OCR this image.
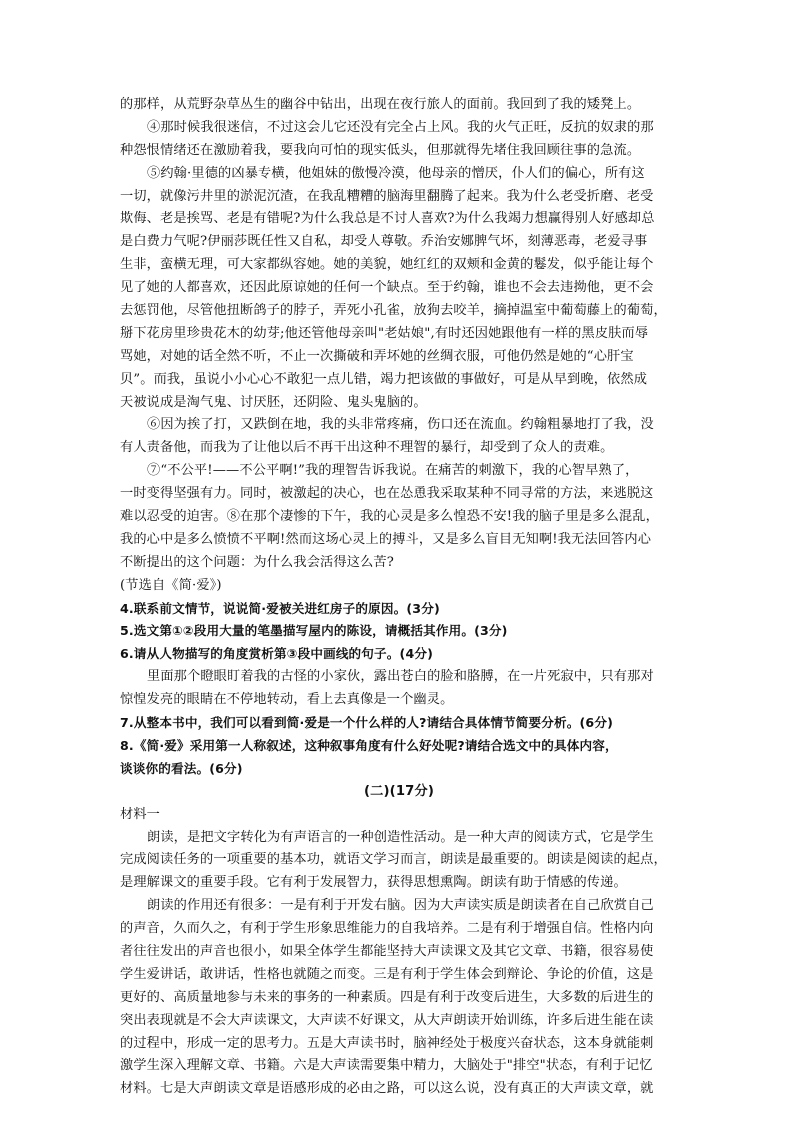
的那样，从荒野杂草丛生的幽谷中钻出，出现在夜行旅人的面前。我回到了我的矮凳上。
④那时候我很迷信，不过这会儿它还没有完全占上风。我的火气正旺，反抗的奴隶的那
种怨恨情绪还在激励着我，要我向可怕的现实低头，但那就得先堵住我回顾往事的急流。
⑤约翰·里德的凶暴专横，他姐妹的傲慢冷漠，他母亲的憎厌，仆人们的偏心，所有这
一切，就像污井里的淤泥沉渣，在我乱糟糟的脑海里翻腾了起来。我为什么老受折磨、老受
欺侮、老是挨骂、老是有错呢?为什么我总是不讨人喜欢?为什么我竭力想赢得别人好感却总
是白费力气呢?伊丽莎既任性又自私，却受人尊敬。乔治安娜脾气坏，刻薄恶毒，老爱寻事
生非，蛮横无理，可大家都纵容她。她的美貌，她红红的双颊和金黄的鬈发，似乎能让每个
见了她的人都喜欢，还因此原谅她的任何一个缺点。至于约翰，谁也不会去违拗他，更不会
去惩罚他，尽管他扭断鸽子的脖子，弄死小孔雀，放狗去咬羊，摘掉温室中葡萄藤上的葡萄，
掰下花房里珍贵花木的幼芽;他还管他母亲叫"老姑娘",有时还因她跟他有一样的黑皮肤而辱
骂她，对她的话全然不听，不止一次撕破和弄坏她的丝绸衣服，可他仍然是她的“心肝宝
贝”。而我，虽说小小心心不敢犯一点儿错，竭力把该做的事做好，可是从早到晚，依然成
天被说成是淘气鬼、讨厌胚，还阴险、鬼头鬼脑的。
⑥因为挨了打，又跌倒在地，我的头非常疼痛，伤口还在流血。约翰粗暴地打了我，没
有人责备他，而我为了让他以后不再干出这种不理智的暴行，却受到了众人的责难。
⑦“不公平!——不公平啊!”我的理智告诉我说。在痛苦的刺激下，我的心智早熟了，
一时变得坚强有力。同时，被激起的决心，也在怂恿我采取某种不同寻常的方法，来逃脱这
难以忍受的迫害。⑧在那个凄惨的下午，我的心灵是多么惶恐不安!我的脑子里是多么混乱，
我的心中是多么愤愤不平啊!然而这场心灵上的搏斗，又是多么盲目无知啊!我无法回答内心
不断提出的这个问题：为什么我会活得这么苦?
(节选自《简·爱》)
4.联系前文情节，说说简·爱被关进红房子的原因。(3分)
5.选文第①②段用大量的笔墨描写屋内的陈设，请概括其作用。(3分)
6.请从人物描写的角度赏析第③段中画线的句子。(4分)
里面那个瞪眼盯着我的古怪的小家伙，露出苍白的脸和胳膊，在一片死寂中，只有那对
惊惶发亮的眼睛在不停地转动，看上去真像是一个幽灵。
7.从整本书中，我们可以看到简·爱是一个什么样的人?请结合具体情节简要分析。(6分)
8.《简·爱》采用第一人称叙述，这种叙事角度有什么好处呢?请结合选文中的具体内容，
谈谈你的看法。(6分)
(二)(17分)
材料一
朗读，是把文字转化为有声语言的一种创造性活动。是一种大声的阅读方式，它是学生
完成阅读任务的一项重要的基本功，就语文学习而言，朗读是最重要的。朗读是阅读的起点，
是理解课文的重要手段。它有利于发展智力，获得思想熏陶。朗读有助于情感的传递。
朗读的作用还有很多：一是有利于开发右脑。因为大声读实质是朗读者在自己欣赏自己
的声音，久而久之，有利于学生形象思维能力的自我培养。二是有利于增强自信。性格内向
者往往发出的声音也很小，如果全体学生都能坚持大声读课文及其它文章、书籍，很容易使
学生爱讲话，敢讲话，性格也就随之而变。三是有利于学生体会到辩论、争论的价值，这是
更好的、高质量地参与未来的事务的一种素质。四是有利于改变后进生，大多数的后进生的
突出表现就是不会大声读课文，大声读不好课文，从大声朗读开始训练，许多后进生能在读
的过程中，形成一定的思考力。五是大声读书时，脑神经处于极度兴奋状态，这本身就能刺
激学生深入理解文章、书籍。六是大声读需要集中精力，大脑处于"排空"状态，有利于记忆
材料。七是大声朗读文章是语感形成的必由之路，可以这么说，没有真正的大声读文章，就
